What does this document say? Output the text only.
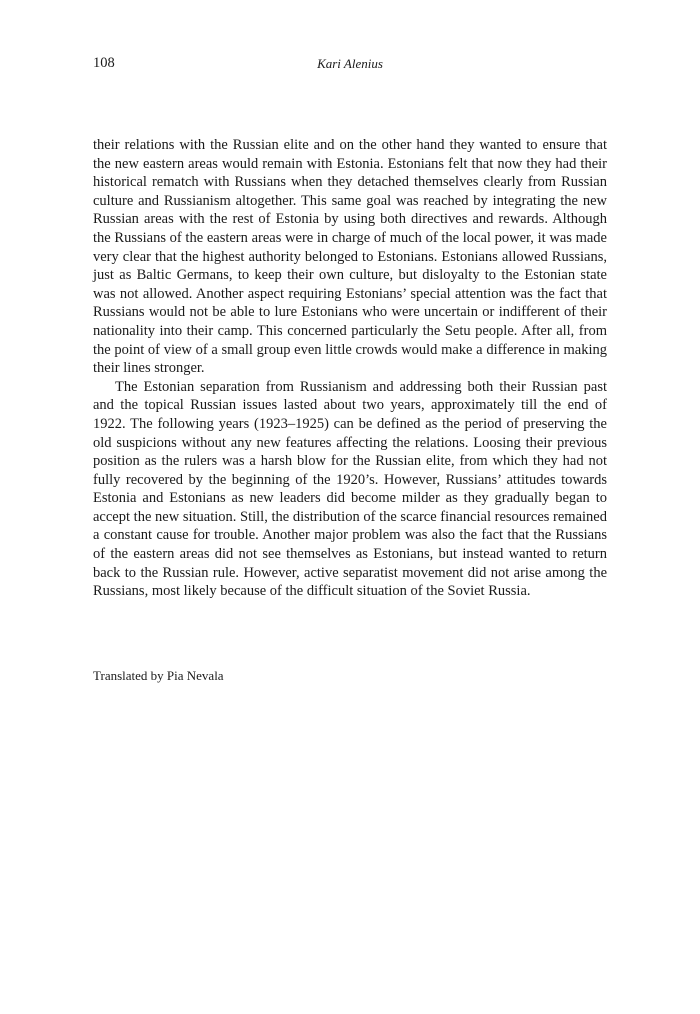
108	Kari Alenius

their relations with the Russian elite and on the other hand they wanted to ensure that the new eastern areas would remain with Estonia. Estonians felt that now they had their historical rematch with Russians when they detached themselves clearly from Russian culture and Russianism altogether. This same goal was reached by integrating the new Russian areas with the rest of Estonia by using both directives and rewards. Although the Russians of the eastern areas were in charge of much of the local power, it was made very clear that the highest authority belonged to Estonians. Estonians allowed Russians, just as Baltic Germans, to keep their own culture, but disloyalty to the Estonian state was not allowed. Another aspect requiring Estonians’ special attention was the fact that Russians would not be able to lure Estonians who were uncertain or indifferent of their nationality into their camp. This concerned particularly the Setu people. After all, from the point of view of a small group even little crowds would make a difference in making their lines stronger.

The Estonian separation from Russianism and addressing both their Russian past and the topical Russian issues lasted about two years, approximately till the end of 1922. The following years (1923–1925) can be defined as the period of preserving the old suspicions without any new features affecting the relations. Loosing their previous position as the rulers was a harsh blow for the Russian elite, from which they had not fully recovered by the beginning of the 1920’s. However, Russians’ attitudes towards Estonia and Estonians as new leaders did become milder as they gradually began to accept the new situation. Still, the distribution of the scarce financial resources remained a constant cause for trouble. Another major problem was also the fact that the Russians of the eastern areas did not see themselves as Estonians, but instead wanted to return back to the Russian rule. However, active separatist movement did not arise among the Russians, most likely because of the difficult situation of the Soviet Russia.

Translated by Pia Nevala
